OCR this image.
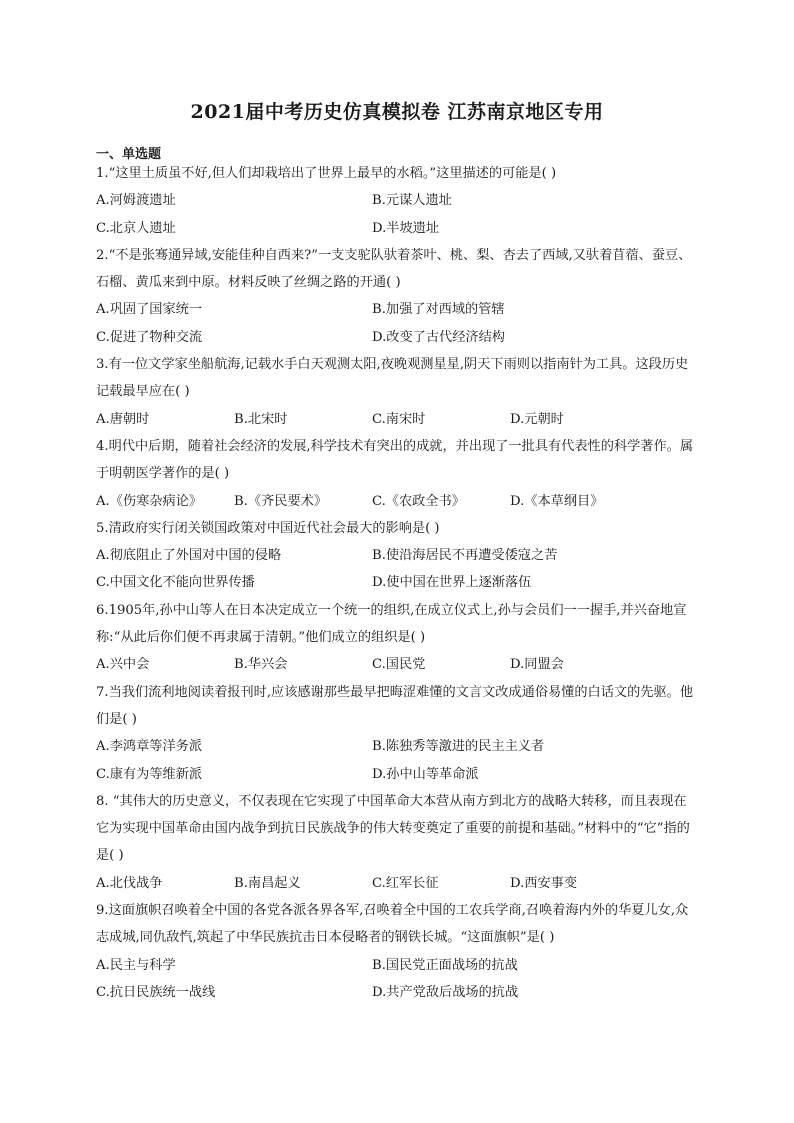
2021届中考历史仿真模拟卷 江苏南京地区专用
一、单选题
1.“这里土质虽不好,但人们却栽培出了世界上最早的水稻。”这里描述的可能是( )
A.河姆渡遗址	B.元谋人遗址
C.北京人遗址	D.半坡遗址
2.“不是张骞通异域,安能佳种自西来?”一支支驼队驮着茶叶、桃、梨、杏去了西域,又驮着苜蓿、蚕豆、石榴、黄瓜来到中原。材料反映了丝绸之路的开通( )
A.巩固了国家统一	B.加强了对西域的管辖
C.促进了物种交流	D.改变了古代经济结构
3.有一位文学家坐船航海,记载水手白天观测太阳,夜晚观测星星,阴天下雨则以指南针为工具。这段历史记载最早应在( )
A.唐朝时	B.北宋时	C.南宋时	D.元朝时
4.明代中后期，随着社会经济的发展,科学技术有突出的成就，并出现了一批具有代表性的科学著作。属于明朝医学著作的是( )
A.《伤寒杂病论》	B.《齐民要术》	C.《农政全书》	D.《本草纲目》
5.清政府实行闭关锁国政策对中国近代社会最大的影响是( )
A.彻底阻止了外国对中国的侵略	B.使沿海居民不再遭受倭寇之苦
C.中国文化不能向世界传播	D.使中国在世界上逐渐落伍
6.1905年,孙中山等人在日本决定成立一个统一的组织,在成立仪式上,孙与会员们一一握手,并兴奋地宣称:“从此后你们便不再隶属于清朝。”他们成立的组织是( )
A.兴中会	B.华兴会	C.国民党	D.同盟会
7.当我们流利地阅读着报刊时,应该感谢那些最早把晦涩难懂的文言文改成通俗易懂的白话文的先驱。他们是( )
A.李鸿章等洋务派	B.陈独秀等激进的民主主义者
C.康有为等维新派	D.孙中山等革命派
8. “其伟大的历史意义，不仅表现在它实现了中国革命大本营从南方到北方的战略大转移，而且表现在它为实现中国革命由国内战争到抗日民族战争的伟大转变奠定了重要的前提和基础。”材料中的“它”指的是( )
A.北伐战争	B.南昌起义	C.红军长征	D.西安事变
9.这面旗帜召唤着全中国的各党各派各界各军,召唤着全中国的工农兵学商,召唤着海内外的华夏儿女,众志成城,同仇敌忾,筑起了中华民族抗击日本侵略者的钢铁长城。“这面旗帜”是( )
A.民主与科学	B.国民党正面战场的抗战
C.抗日民族统一战线	D.共产党敌后战场的抗战
